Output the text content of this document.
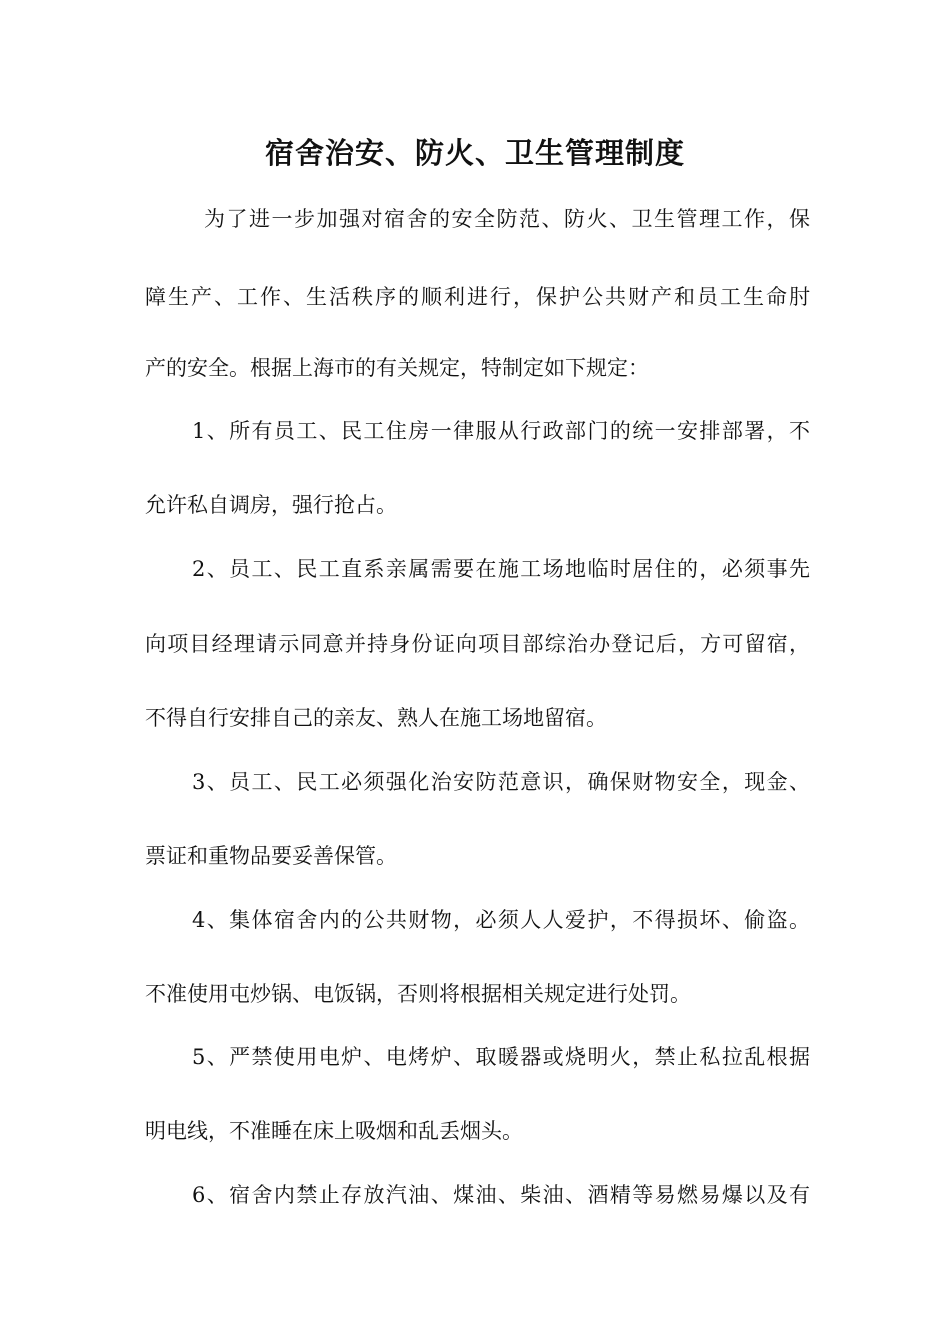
宿舍治安、防火、卫生管理制度
为了进一步加强对宿舍的安全防范、防火、卫生管理工作，保
障生产、工作、生活秩序的顺利进行，保护公共财产和员工生命肘
产的安全。根据上海市的有关规定，特制定如下规定：
1、所有员工、民工住房一律服从行政部门的统一安排部署，不
允许私自调房，强行抢占。
2、员工、民工直系亲属需要在施工场地临时居住的，必须事先
向项目经理请示同意并持身份证向项目部综治办登记后，方可留宿，
不得自行安排自己的亲友、熟人在施工场地留宿。
3、员工、民工必须强化治安防范意识，确保财物安全，现金、
票证和重物品要妥善保管。
4、集体宿舍内的公共财物，必须人人爱护，不得损坏、偷盗。
不准使用屯炒锅、电饭锅，否则将根据相关规定进行处罚。
5、严禁使用电炉、电烤炉、取暖器或烧明火，禁止私拉乱根据
明电线，不准睡在床上吸烟和乱丢烟头。
6、宿舍内禁止存放汽油、煤油、柴油、酒精等易燃易爆以及有
